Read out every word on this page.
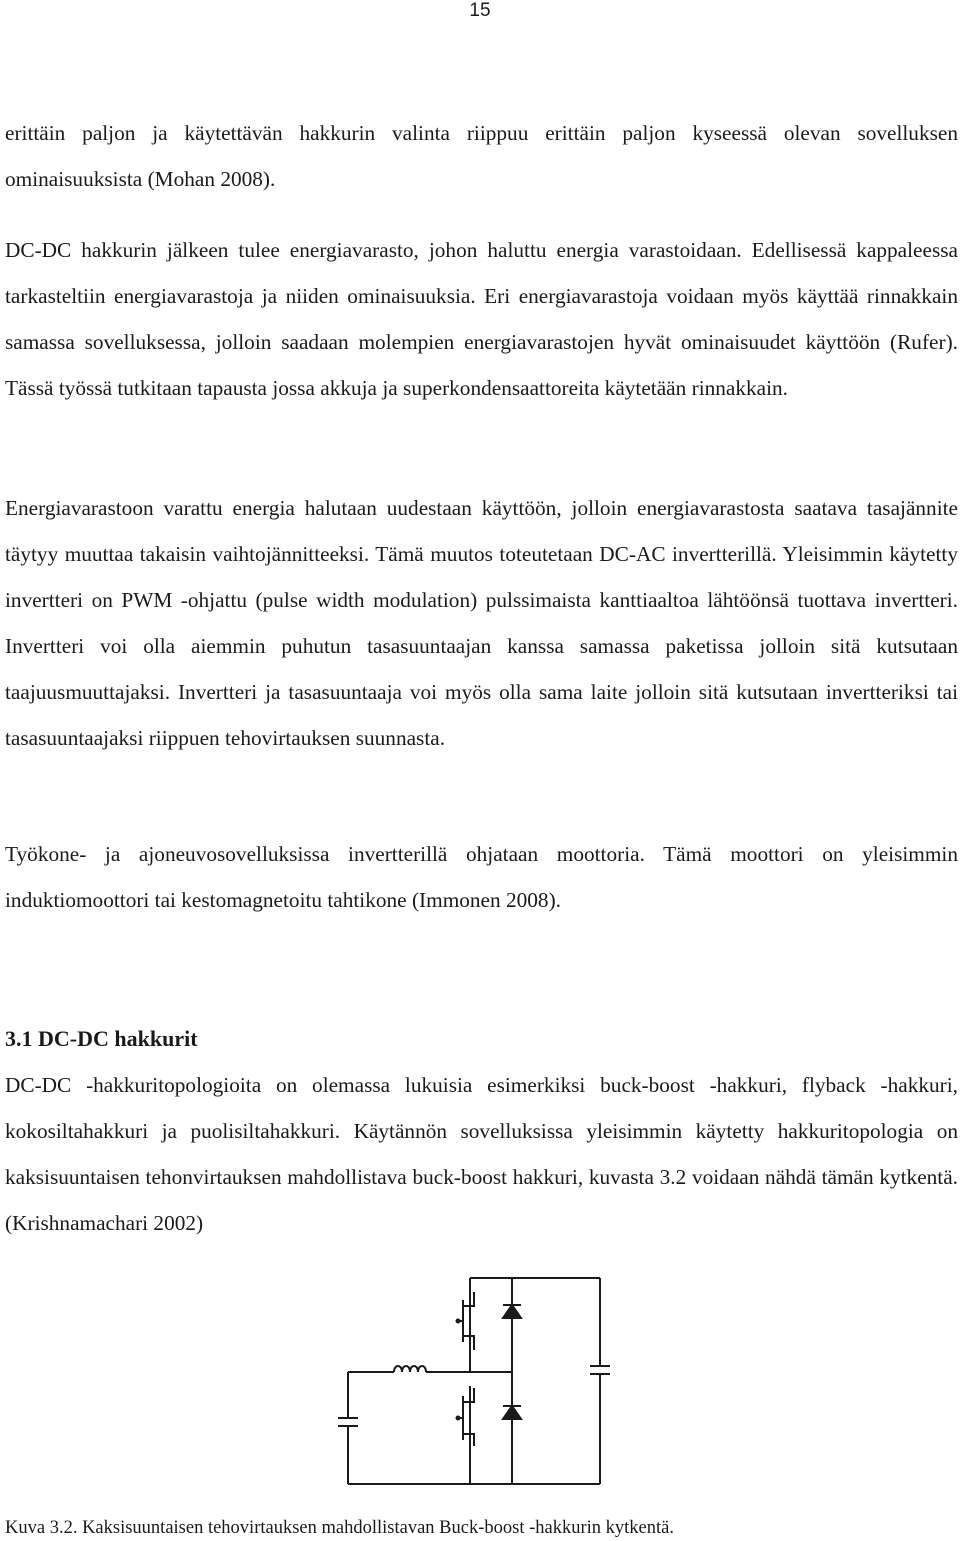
15

erittäin paljon ja käytettävän hakkurin valinta riippuu erittäin paljon kyseessä olevan sovelluksen ominaisuuksista (Mohan 2008).

DC-DC hakkurin jälkeen tulee energiavarasto, johon haluttu energia varastoidaan. Edellisessä kappaleessa tarkasteltiin energiavarastoja ja niiden ominaisuuksia. Eri energiavarastoja voidaan myös käyttää rinnakkain samassa sovelluksessa, jolloin saadaan molempien energiavarastojen hyvät ominaisuudet käyttöön (Rufer). Tässä työssä tutkitaan tapausta jossa akkuja ja superkondensaattoreita käytetään rinnakkain.

Energiavarastoon varattu energia halutaan uudestaan käyttöön, jolloin energiavarastosta saatava tasajännite täytyy muuttaa takaisin vaihtojännitteeksi. Tämä muutos toteutetaan DC-AC invertterillä. Yleisimmin käytetty invertteri on PWM -ohjattu (pulse width modulation) pulssimaista kanttiaaltoa lähtöönsä tuottava invertteri. Invertteri voi olla aiemmin puhutun tasasuuntaajan kanssa samassa paketissa jolloin sitä kutsutaan taajuusmuuttajaksi. Invertteri ja tasasuuntaaja voi myös olla sama laite jolloin sitä kutsutaan invertteriksi tai tasasuuntaajaksi riippuen tehovirtauksen suunnasta.

Työkone- ja ajoneuvosovelluksissa invertterillä ohjataan moottoria. Tämä moottori on yleisimmin induktiomoottori tai kestomagnetoitu tahtikone (Immonen 2008).

3.1 DC-DC hakkurit

DC-DC -hakkuritopologioita on olemassa lukuisia esimerkiksi buck-boost -hakkuri, flyback -hakkuri, kokosiltahakkuri ja puolisiltahakkuri. Käytännön sovelluksissa yleisimmin käytetty hakkuritopologia on kaksisuuntaisen tehonvirtauksen mahdollistava buck-boost hakkuri, kuvasta 3.2 voidaan nähdä tämän kytkentä. (Krishnamachari 2002)

Kuva 3.2. Kaksisuuntaisen tehovirtauksen mahdollistavan Buck-boost -hakkurin kytkentä.
